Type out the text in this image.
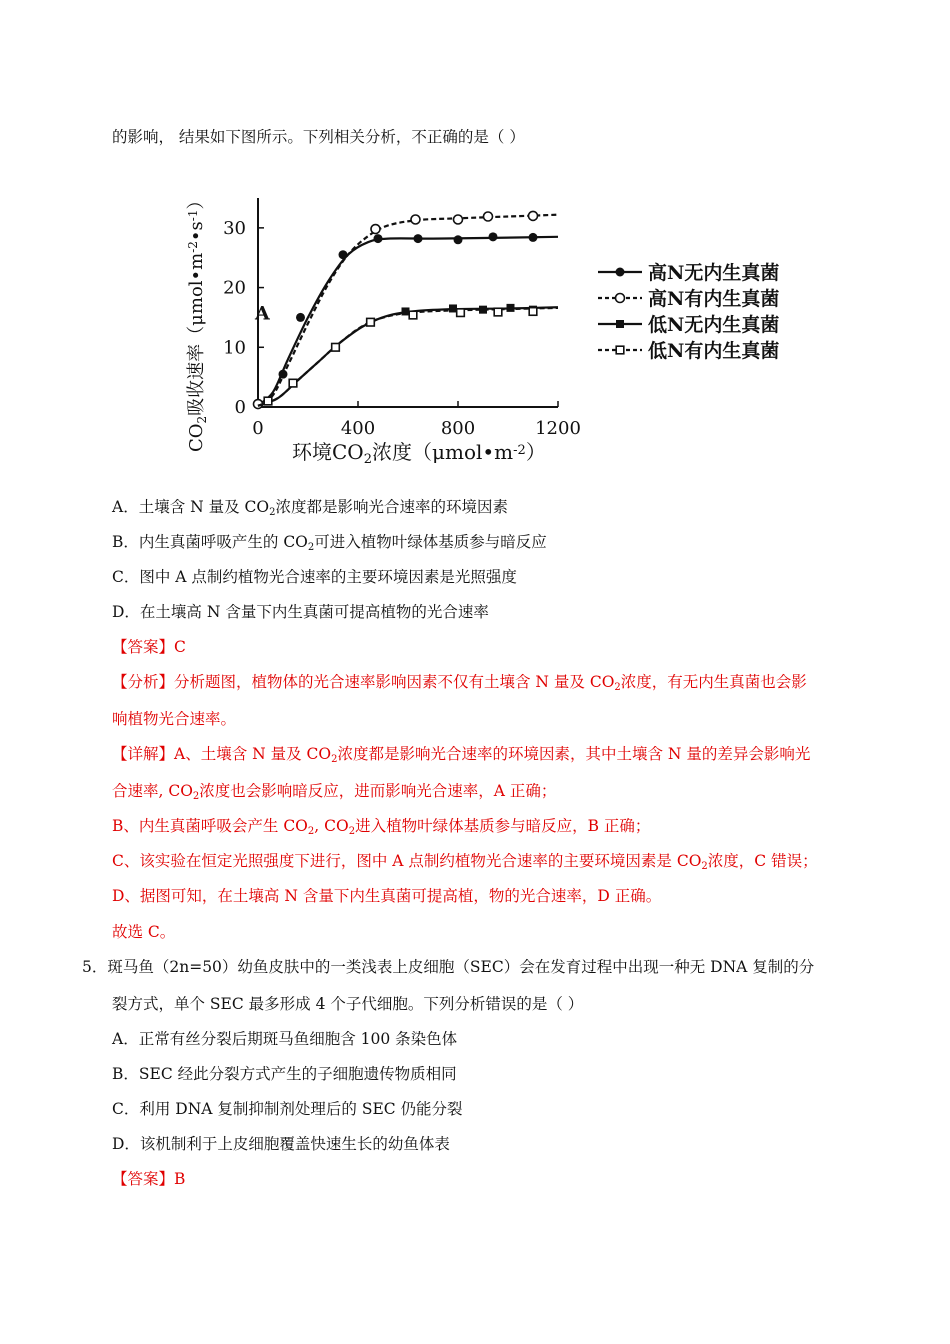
的影响， 结果如下图所示。下列相关分析，不正确的是（ ）
0	400	800	1200
0
10
20
30
环境CO2浓度（μmol•m-2）
CO2吸收速率（μmol•m-2•s-1）
A
高N无内生真菌
高N有内生真菌
低N无内生真菌
低N有内生真菌
A．土壤含 N 量及 $CO_2$浓度都是影响光合速率的环境因素
B．内生真菌呼吸产生的 $CO_2$可进入植物叶绿体基质参与暗反应
C．图中 A 点制约植物光合速率的主要环境因素是光照强度
D．在土壤高 N 含量下内生真菌可提高植物的光合速率
【答案】C
【分析】分析题图，植物体的光合速率影响因素不仅有土壤含 N 量及 $CO_2$浓度，有无内生真菌也会影
响植物光合速率。
【详解】A、土壤含 N 量及 $CO_2$浓度都是影响光合速率的环境因素，其中土壤含 N 量的差异会影响光
合速率, $CO_2$浓度也会影响暗反应，进而影响光合速率，A 正确；
B、内生真菌呼吸会产生 $CO_2$, $CO_2$进入植物叶绿体基质参与暗反应，B 正确；
C、该实验在恒定光照强度下进行，图中 A 点制约植物光合速率的主要环境因素是 $CO_2$浓度，C 错误；
D、据图可知，在土壤高 N 含量下内生真菌可提高植，物的光合速率，D 正确。
故选 C。
5．斑马鱼（2n=50）幼鱼皮肤中的一类浅表上皮细胞（SEC）会在发育过程中出现一种无 DNA 复制的分
裂方式，单个 SEC 最多形成 4 个子代细胞。下列分析错误的是（ ）
A．正常有丝分裂后期斑马鱼细胞含 100 条染色体
B．SEC 经此分裂方式产生的子细胞遗传物质相同
C．利用 DNA 复制抑制剂处理后的 SEC 仍能分裂
D．该机制利于上皮细胞覆盖快速生长的幼鱼体表
【答案】B
